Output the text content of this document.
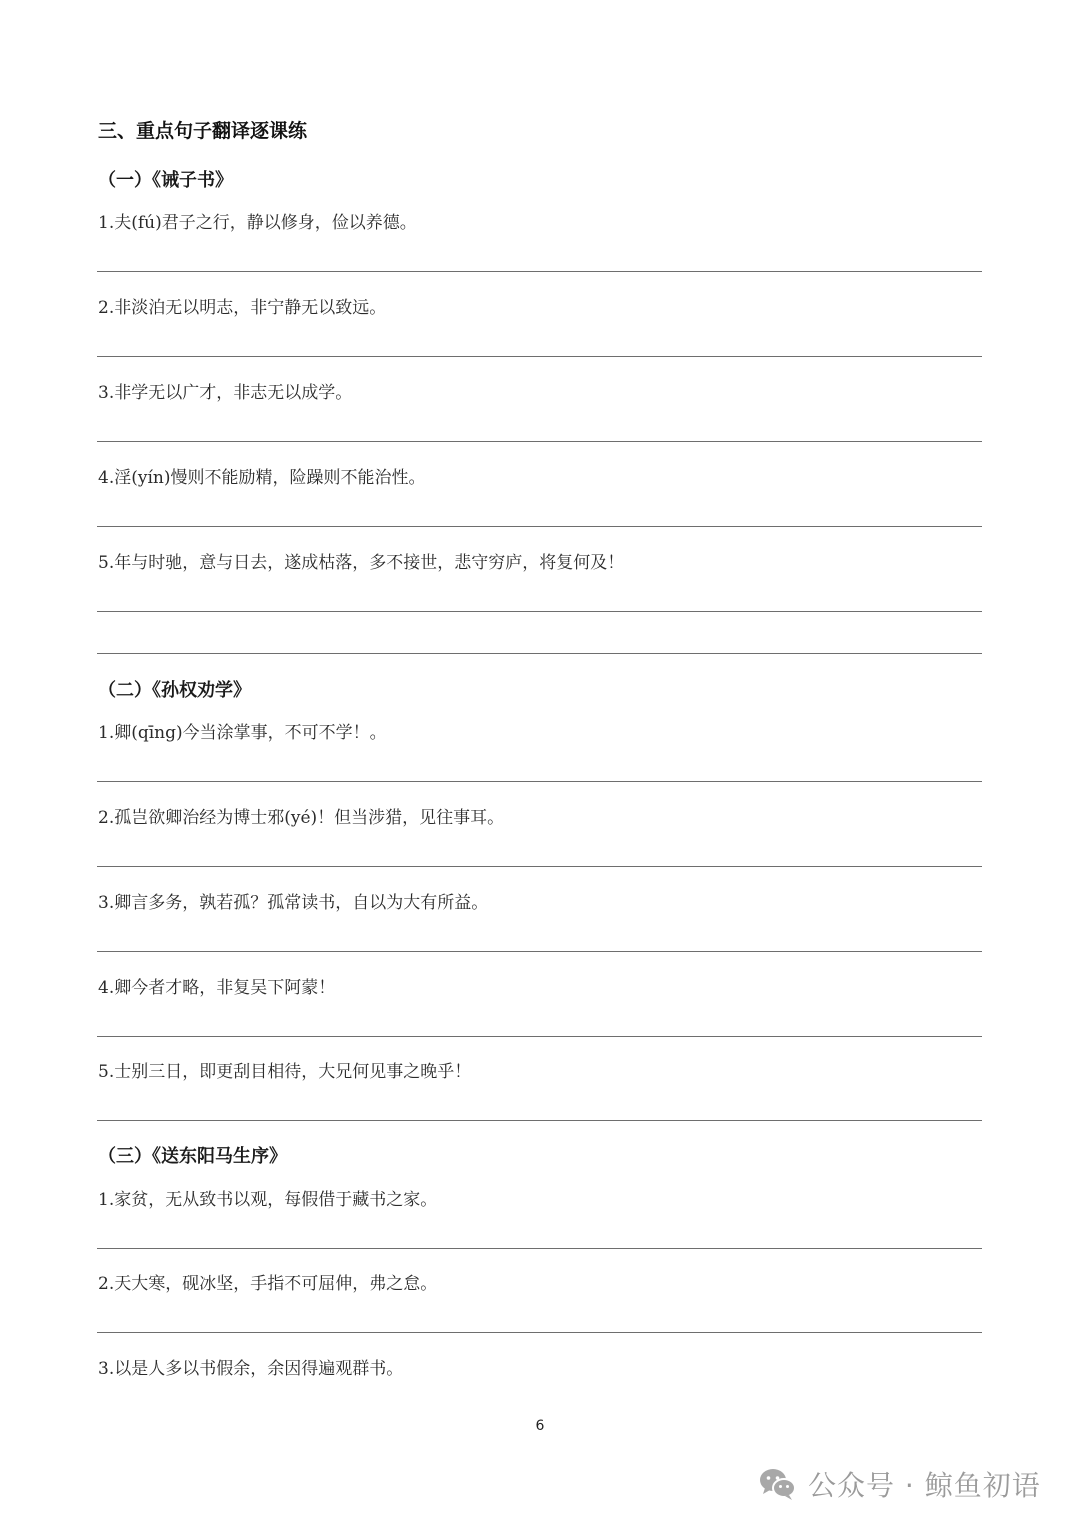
三、重点句子翻译逐课练
（一）《诫子书》
1.夫(fú)君子之行，静以修身，俭以养德。
2.非淡泊无以明志，非宁静无以致远。
3.非学无以广才，非志无以成学。
4.淫(yín)慢则不能励精，险躁则不能治性。
5.年与时驰，意与日去，遂成枯落，多不接世，悲守穷庐，将复何及！
（二）《孙权劝学》
1.卿(qīng)今当涂掌事，不可不学！。
2.孤岂欲卿治经为博士邪(yé)！但当涉猎，见往事耳。
3.卿言多务，孰若孤？孤常读书，自以为大有所益。
4.卿今者才略，非复吴下阿蒙！
5.士别三日，即更刮目相待，大兄何见事之晚乎！
（三）《送东阳马生序》
1.家贫，无从致书以观，每假借于藏书之家。
2.天大寒，砚冰坚，手指不可屈伸，弗之怠。
3.以是人多以书假余，余因得遍观群书。
6
公众号 · 鲸鱼初语
